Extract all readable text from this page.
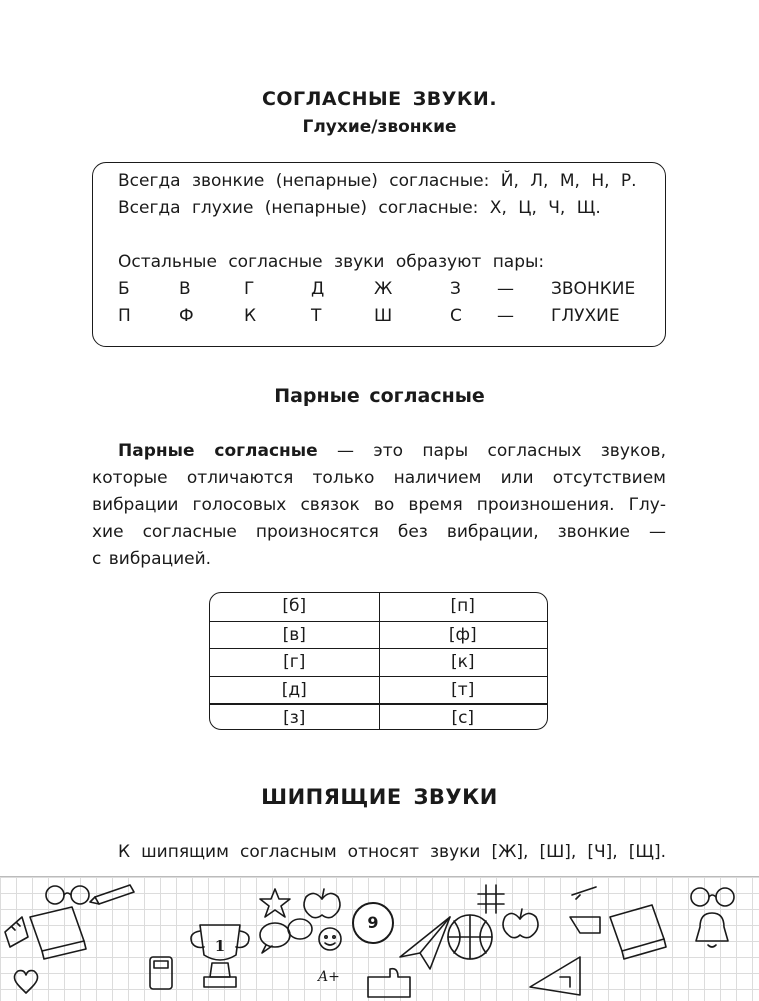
СОГЛАСНЫЕ ЗВУКИ.
Глухие/звонкие
Всегда звонкие (непарные) согласные: Й, Л, М, Н, Р.
Всегда глухие (непарные) согласные: Х, Ц, Ч, Щ.
Остальные согласные звуки образуют пары:
Б	В	Г	Д	Ж	З — ЗВОНКИЕ
П	Ф	К	Т	Ш	С — ГЛУХИЕ
Парные согласные
Парные согласные — это пары согласных звуков,
которые отличаются только наличием или отсутствием
вибрации голосовых связок во время произношения. Глу-
хие согласные произносятся без вибрации, звонкие —
с вибрацией.
[б]	[п]
[в]	[ф]
[г]	[к]
[д]	[т]
[з]	[с]
ШИПЯЩИЕ ЗВУКИ
К шипящим согласным относят звуки [Ж], [Ш], [Ч], [Щ].
1
A+
9
